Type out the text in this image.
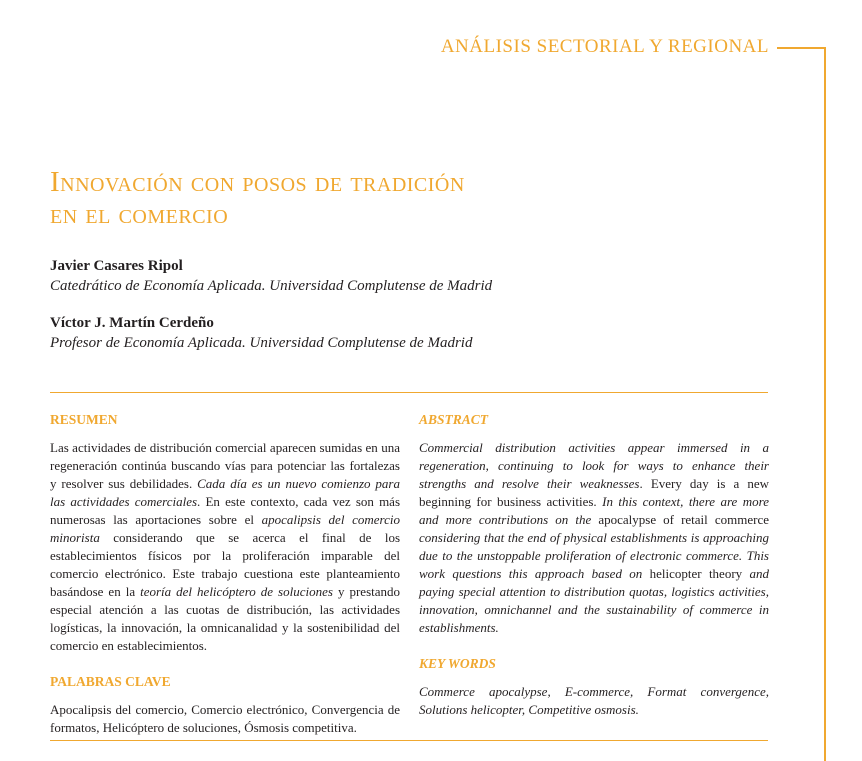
ANÁLISIS SECTORIAL Y REGIONAL
Innovación con posos de tradición
en el comercio
Javier Casares Ripol
Catedrático de Economía Aplicada. Universidad Complutense de Madrid
Víctor J. Martín Cerdeño
Profesor de Economía Aplicada. Universidad Complutense de Madrid
RESUMEN

Las actividades de distribución comercial aparecen sumidas en una regeneración continúa buscando vías para potenciar las fortalezas y resolver sus debilidades. Cada día es un nuevo comienzo para las actividades comerciales. En este contexto, cada vez son más numerosas las aportaciones sobre el apocalipsis del comercio minorista considerando que se acerca el final de los establecimientos físicos por la proliferación imparable del comercio electrónico. Este trabajo cuestiona este planteamiento basándose en la teoría del helicóptero de soluciones y prestando especial atención a las cuotas de distribución, las actividades logísticas, la innovación, la omnicanalidad y la sostenibilidad del comercio en establecimientos.

PALABRAS CLAVE

Apocalipsis del comercio, Comercio electrónico, Convergencia de formatos, Helicóptero de soluciones, Ósmosis competitiva.

ABSTRACT

Commercial distribution activities appear immersed in a regeneration, continuing to look for ways to enhance their strengths and resolve their weaknesses. Every day is a new beginning for business activities. In this context, there are more and more contributions on the apocalypse of retail commerce considering that the end of physical establishments is approaching due to the unstoppable proliferation of electronic commerce. This work questions this approach based on helicopter theory and paying special attention to distribution quotas, logistics activities, innovation, omnichannel and the sustainability of commerce in establishments.

KEY WORDS

Commerce apocalypse, E-commerce, Format convergence, Solutions helicopter, Competitive osmosis.
